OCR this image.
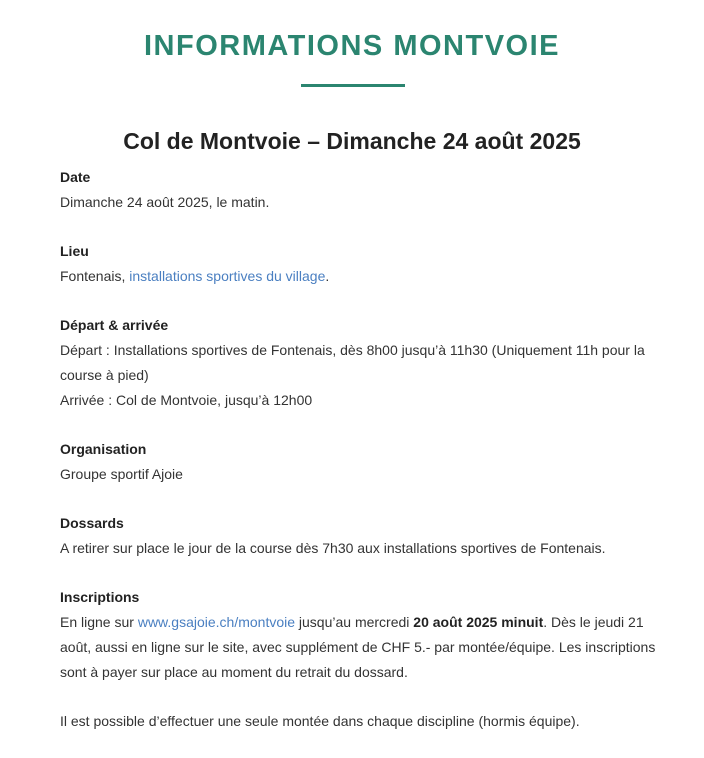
INFORMATIONS MONTVOIE
Col de Montvoie – Dimanche 24 août 2025

Date

Dimanche 24 août 2025, le matin.

Lieu

Fontenais, installations sportives du village.

Départ & arrivée

Départ : Installations sportives de Fontenais, dès 8h00 jusqu’à 11h30 (Uniquement 11h pour la course à pied)

Arrivée : Col de Montvoie, jusqu’à 12h00

Organisation

Groupe sportif Ajoie

Dossards

A retirer sur place le jour de la course dès 7h30 aux installations sportives de Fontenais.

Inscriptions

En ligne sur www.gsajoie.ch/montvoie jusqu’au mercredi 20 août 2025 minuit. Dès le jeudi 21 août, aussi en ligne sur le site, avec supplément de CHF 5.- par montée/équipe. Les inscriptions sont à payer sur place au moment du retrait du dossard.

Il est possible d’effectuer une seule montée dans chaque discipline (hormis équipe).
